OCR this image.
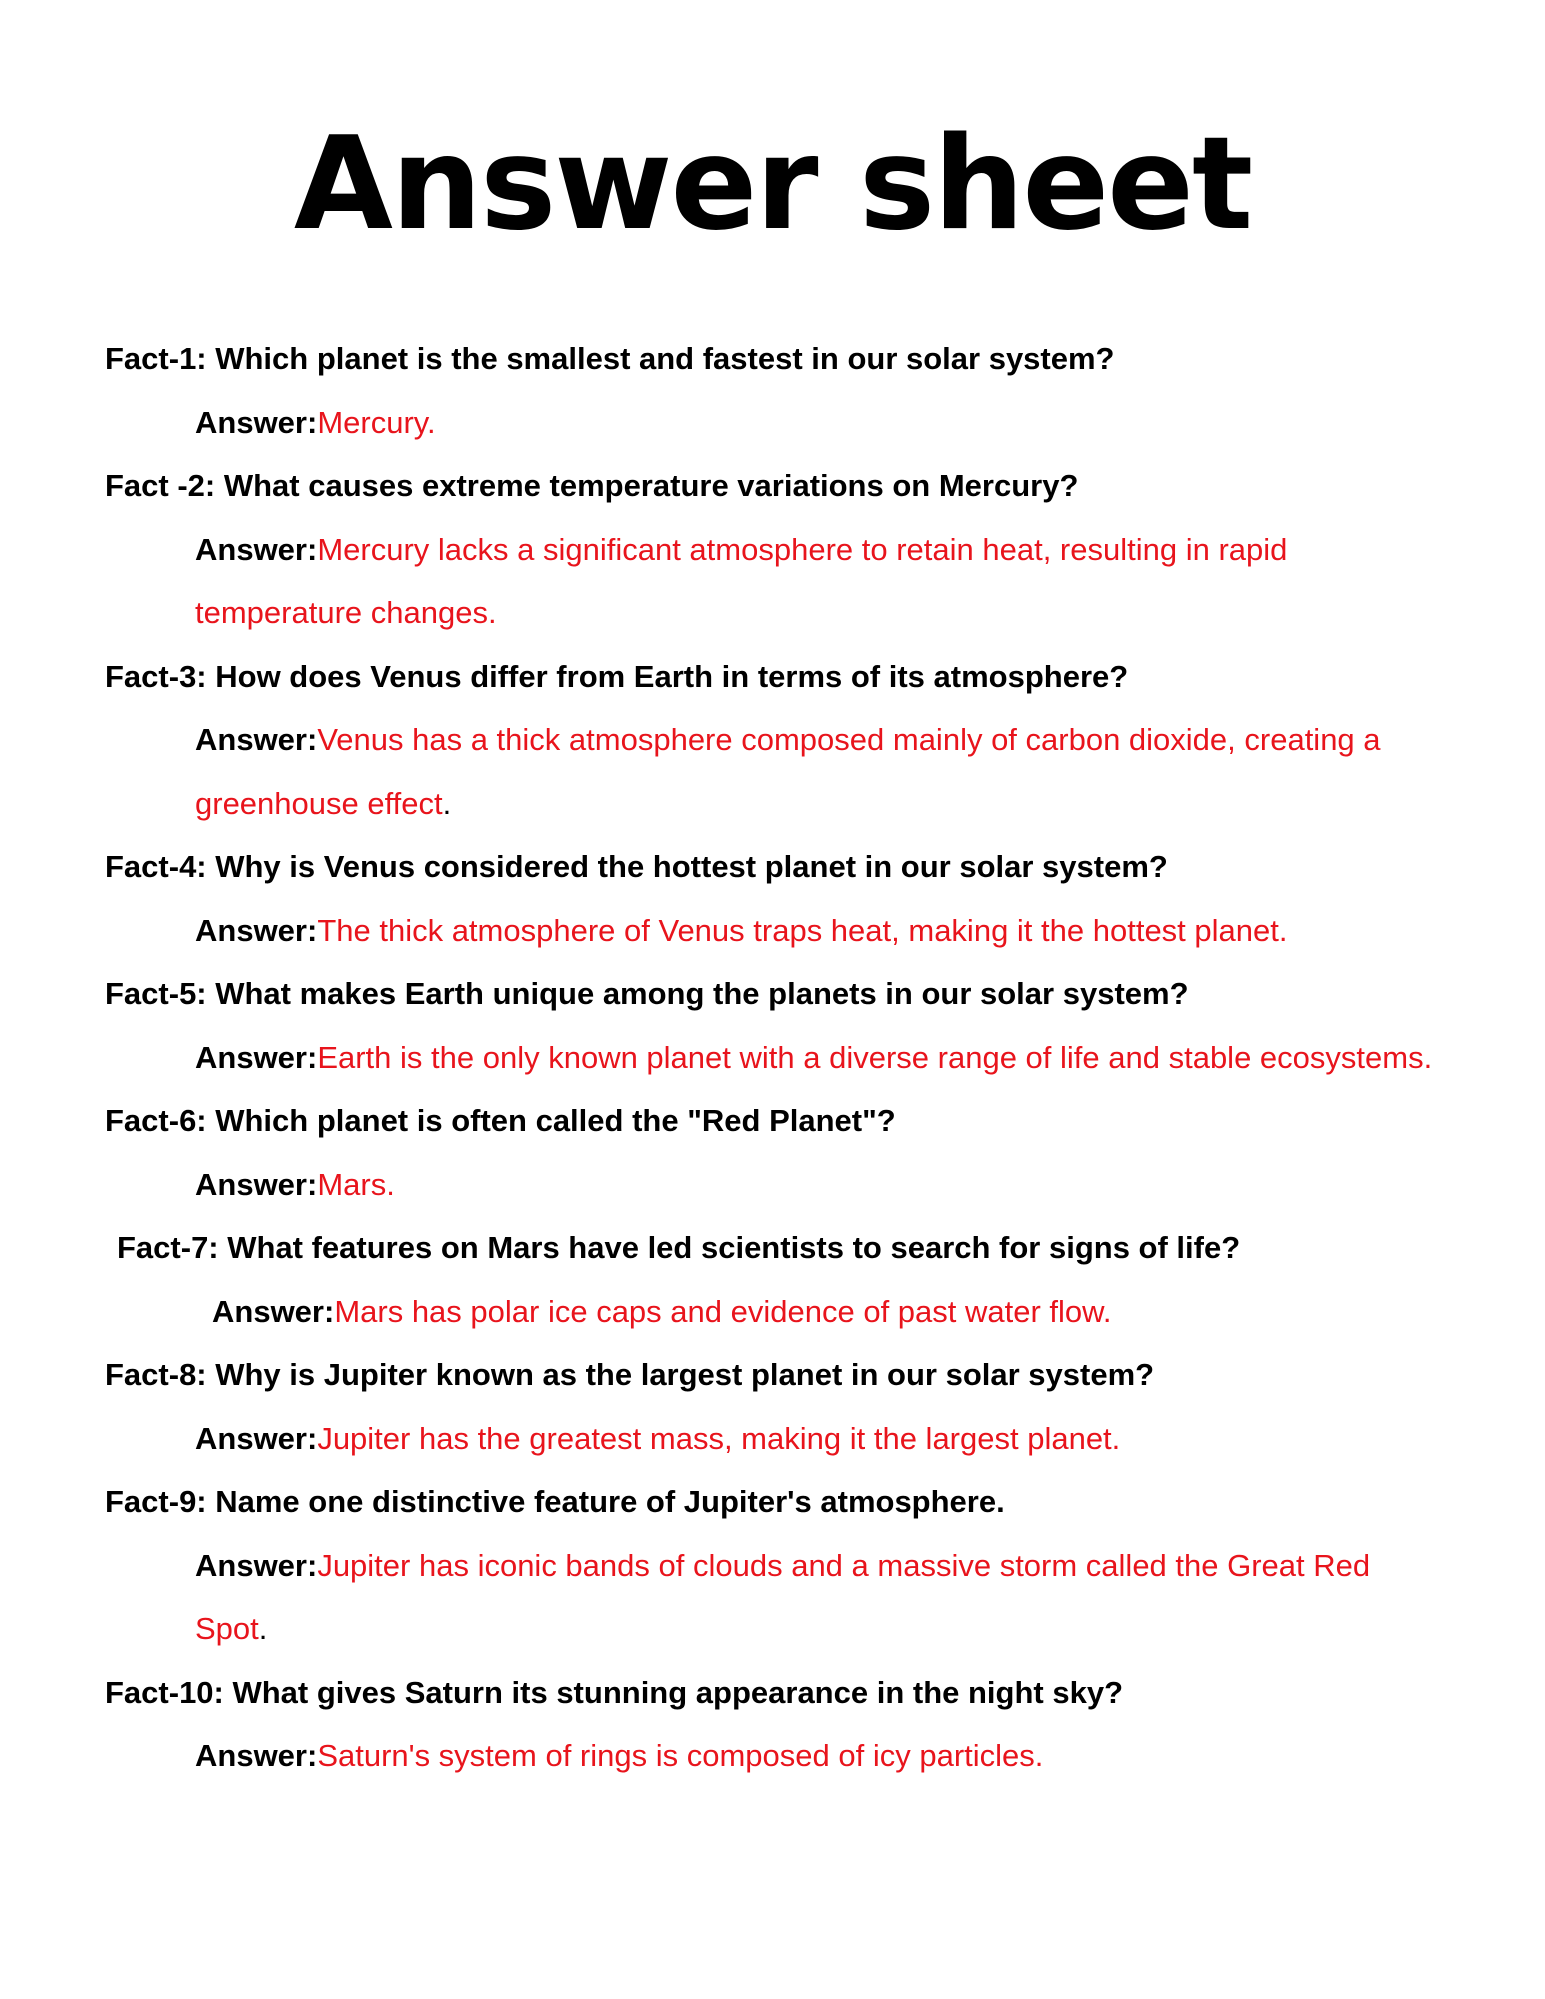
Answer sheet
Fact-1: Which planet is the smallest and fastest in our solar system?
Answer:Mercury.
Fact -2: What causes extreme temperature variations on Mercury?
Answer:Mercury lacks a significant atmosphere to retain heat, resulting in rapid temperature changes.
Fact-3: How does Venus differ from Earth in terms of its atmosphere?
Answer:Venus has a thick atmosphere composed mainly of carbon dioxide, creating a greenhouse effect.
Fact-4: Why is Venus considered the hottest planet in our solar system?
Answer:The thick atmosphere of Venus traps heat, making it the hottest planet.
Fact-5: What makes Earth unique among the planets in our solar system?
Answer:Earth is the only known planet with a diverse range of life and stable ecosystems.
Fact-6: Which planet is often called the "Red Planet"?
Answer:Mars.
Fact-7: What features on Mars have led scientists to search for signs of life?
Answer:Mars has polar ice caps and evidence of past water flow.
Fact-8: Why is Jupiter known as the largest planet in our solar system?
Answer:Jupiter has the greatest mass, making it the largest planet.
Fact-9: Name one distinctive feature of Jupiter's atmosphere.
Answer:Jupiter has iconic bands of clouds and a massive storm called the Great Red Spot.
Fact-10: What gives Saturn its stunning appearance in the night sky?
Answer:Saturn's system of rings is composed of icy particles.
